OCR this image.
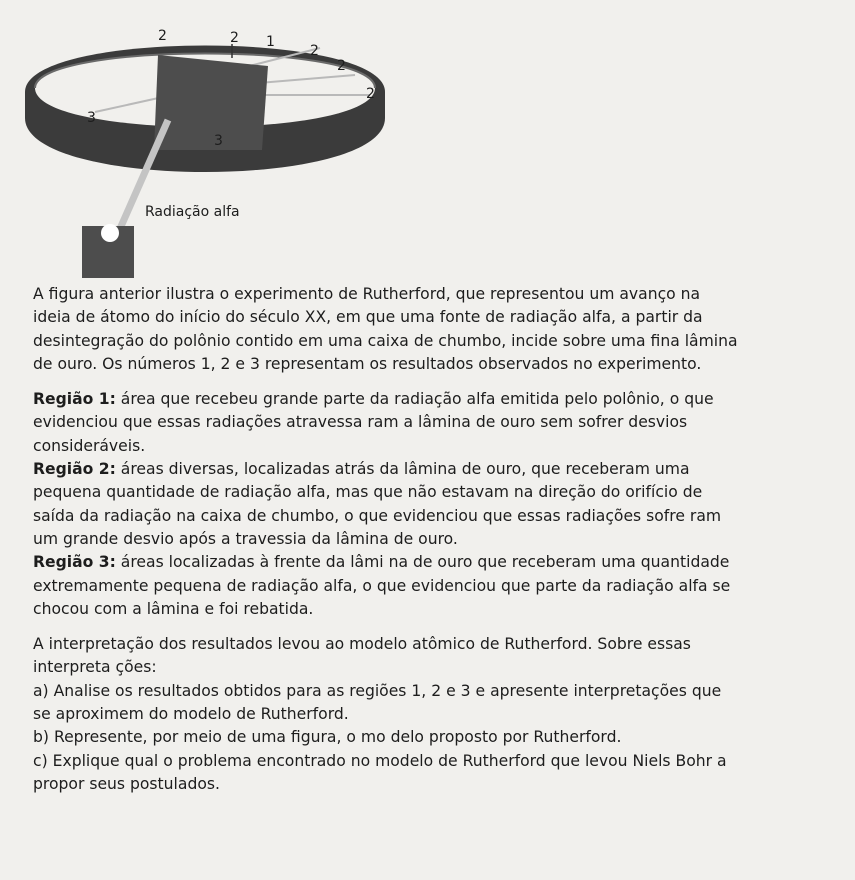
2	2 1
2
2
2
3
3
Radiação alfa
A figura anterior ilustra o experimento de Rutherford, que representou um avanço na
ideia de átomo do início do século XX, em que uma fonte de radiação alfa, a partir da
desintegração do polônio contido em uma caixa de chumbo, incide sobre uma fina lâmina
de ouro. Os números 1, 2 e 3 representam os resultados observados no experimento.
Região 1: área que recebeu grande parte da radiação alfa emitida pelo polônio, o que
evidenciou que essas radiações atravessa ram a lâmina de ouro sem sofrer desvios
consideráveis.
Região 2: áreas diversas, localizadas atrás da lâmina de ouro, que receberam uma
pequena quantidade de radiação alfa, mas que não estavam na direção do orifício de
saída da radiação na caixa de chumbo, o que evidenciou que essas radiações sofre ram
um grande desvio após a travessia da lâmina de ouro.
Região 3: áreas localizadas à frente da lâmi na de ouro que receberam uma quantidade
extremamente pequena de radiação alfa, o que evidenciou que parte da radiação alfa se
chocou com a lâmina e foi rebatida.
A interpretação dos resultados levou ao modelo atômico de Rutherford. Sobre essas
interpreta ções:
a) Analise os resultados obtidos para as regiões 1, 2 e 3 e apresente interpretações que
se aproximem do modelo de Rutherford.
b) Represente, por meio de uma figura, o mo delo proposto por Rutherford.
c) Explique qual o problema encontrado no modelo de Rutherford que levou Niels Bohr a
propor seus postulados.
